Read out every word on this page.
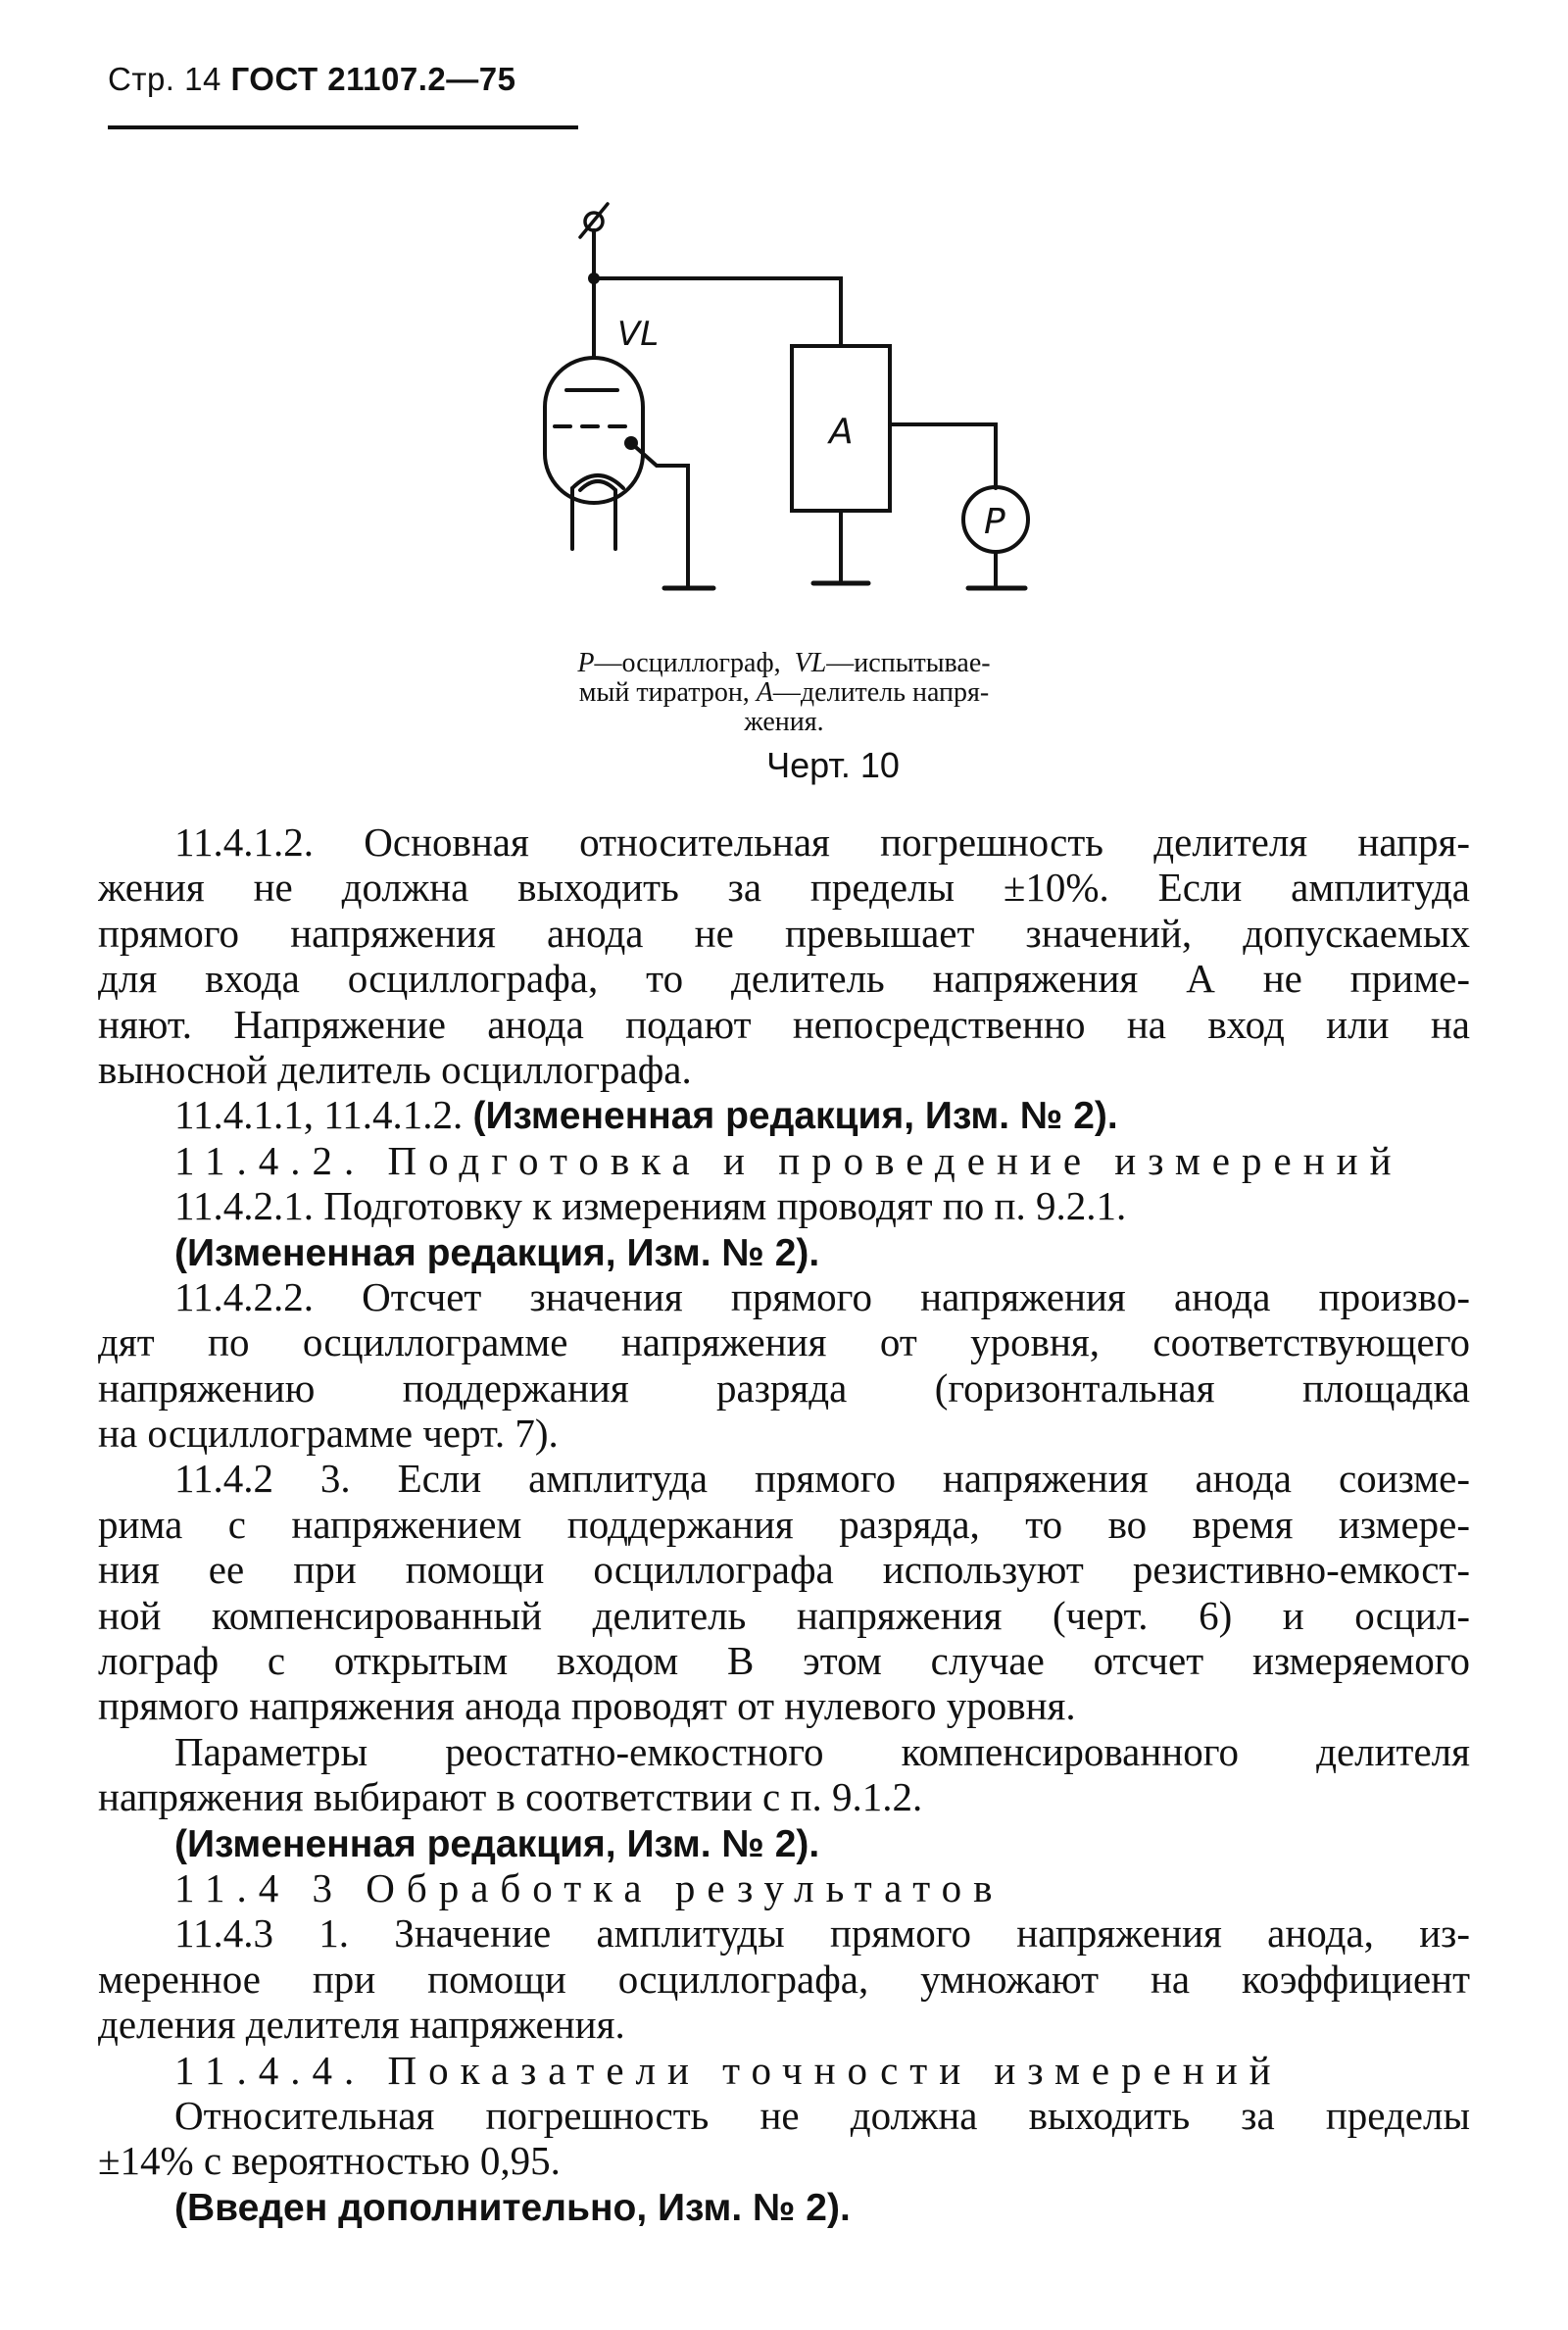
Стр. 14 ГОСТ 21107.2—75
VL
A
P
P—осциллограф, VL—испытывае-
мый тиратрон, A—делитель напря-
жения.
Черт. 10
11.4.1.2. Основная относительная погрешность делителя напря-
жения не должна выходить за пределы ±10%. Если амплитуда
прямого напряжения анода не превышает значений, допускаемых
для входа осциллографа, то делитель напряжения А не приме-
няют. Напряжение анода подают непосредственно на вход или на
выносной делитель осциллографа.
11.4.1.1, 11.4.1.2. (Измененная редакция, Изм. № 2).
11.4.2. Подготовка и проведение измерений
11.4.2.1. Подготовку к измерениям проводят по п. 9.2.1.
(Измененная редакция, Изм. № 2).
11.4.2.2. Отсчет значения прямого напряжения анода произво-
дят по осциллограмме напряжения от уровня, соответствующего
напряжению поддержания разряда (горизонтальная площадка
на осциллограмме черт. 7).
11.4.2 3. Если амплитуда прямого напряжения анода соизме-
рима с напряжением поддержания разряда, то во время измере-
ния ее при помощи осциллографа используют резистивно-емкост-
ной компенсированный делитель напряжения (черт. 6) и осцил-
лограф с открытым входом В этом случае отсчет измеряемого
прямого напряжения анода проводят от нулевого уровня.
Параметры реостатно-емкостного компенсированного делителя
напряжения выбирают в соответствии с п. 9.1.2.
(Измененная редакция, Изм. № 2).
11.4 3 Обработка результатов
11.4.3 1. Значение амплитуды прямого напряжения анода, из-
меренное при помощи осциллографа, умножают на коэффициент
деления делителя напряжения.
11.4.4. Показатели точности измерений
Относительная погрешность не должна выходить за пределы
±14% с вероятностью 0,95.
(Введен дополнительно, Изм. № 2).
